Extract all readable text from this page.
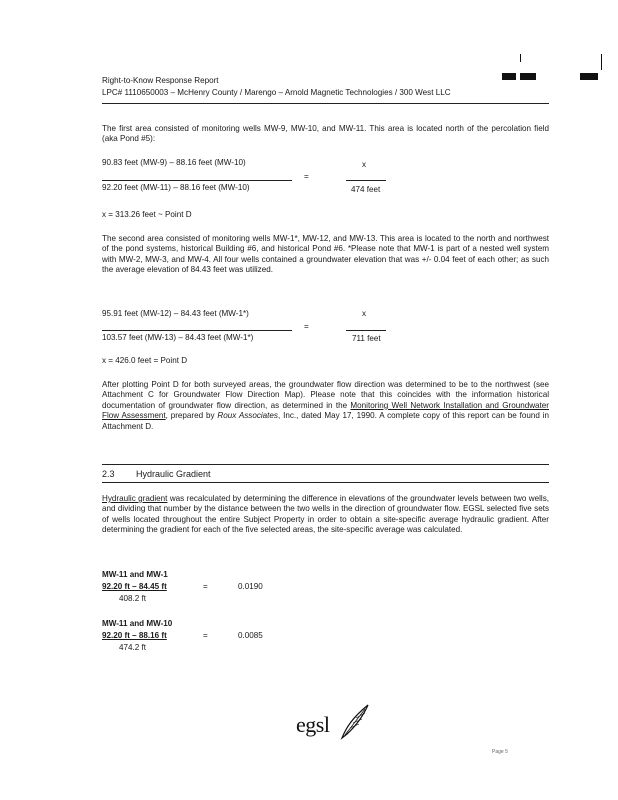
Right-to-Know Response Report
LPC# 1110650003 – McHenry County / Marengo – Arnold Magnetic Technologies / 300 West LLC
The first area consisted of monitoring wells MW-9, MW-10, and MW-11. This area is located north of the percolation field (aka Pond #5):
90.83 feet (MW-9) – 88.16 feet (MW-10)
92.20 feet (MW-11) – 88.16 feet (MW-10)
=
x
474 feet
x = 313.26 feet ~ Point D
The second area consisted of monitoring wells MW-1*, MW-12, and MW-13. This area is located to the north and northwest of the pond systems, historical Building #6, and historical Pond #6. *Please note that MW-1 is part of a nested well system with MW-2, MW-3, and MW-4. All four wells contained a groundwater elevation that was +/- 0.04 feet of each other; as such the average elevation of 84.43 feet was utilized.
95.91 feet (MW-12) – 84.43 feet (MW-1*)
103.57 feet (MW-13) – 84.43 feet (MW-1*)
=
x
711 feet
x = 426.0 feet = Point D
After plotting Point D for both surveyed areas, the groundwater flow direction was determined to be to the northwest (see Attachment C for Groundwater Flow Direction Map). Please note that this coincides with the information historical documentation of groundwater flow direction, as determined in the Monitoring Well Network Installation and Groundwater Flow Assessment, prepared by Roux Associates, Inc., dated May 17, 1990. A complete copy of this report can be found in Attachment D.
2.3 Hydraulic Gradient
Hydraulic gradient was recalculated by determining the difference in elevations of the groundwater levels between two wells, and dividing that number by the distance between the two wells in the direction of groundwater flow. EGSL selected five sets of wells located throughout the entire Subject Property in order to obtain a site-specific average hydraulic gradient. After determining the gradient for each of the five selected areas, the site-specific average was calculated.
MW-11 and MW-1
92.20 ft – 84.45 ft	=	0.0190
408.2 ft
MW-11 and MW-10
92.20 ft – 88.16 ft	=	0.0085
474.2 ft
egsl
Page 5
